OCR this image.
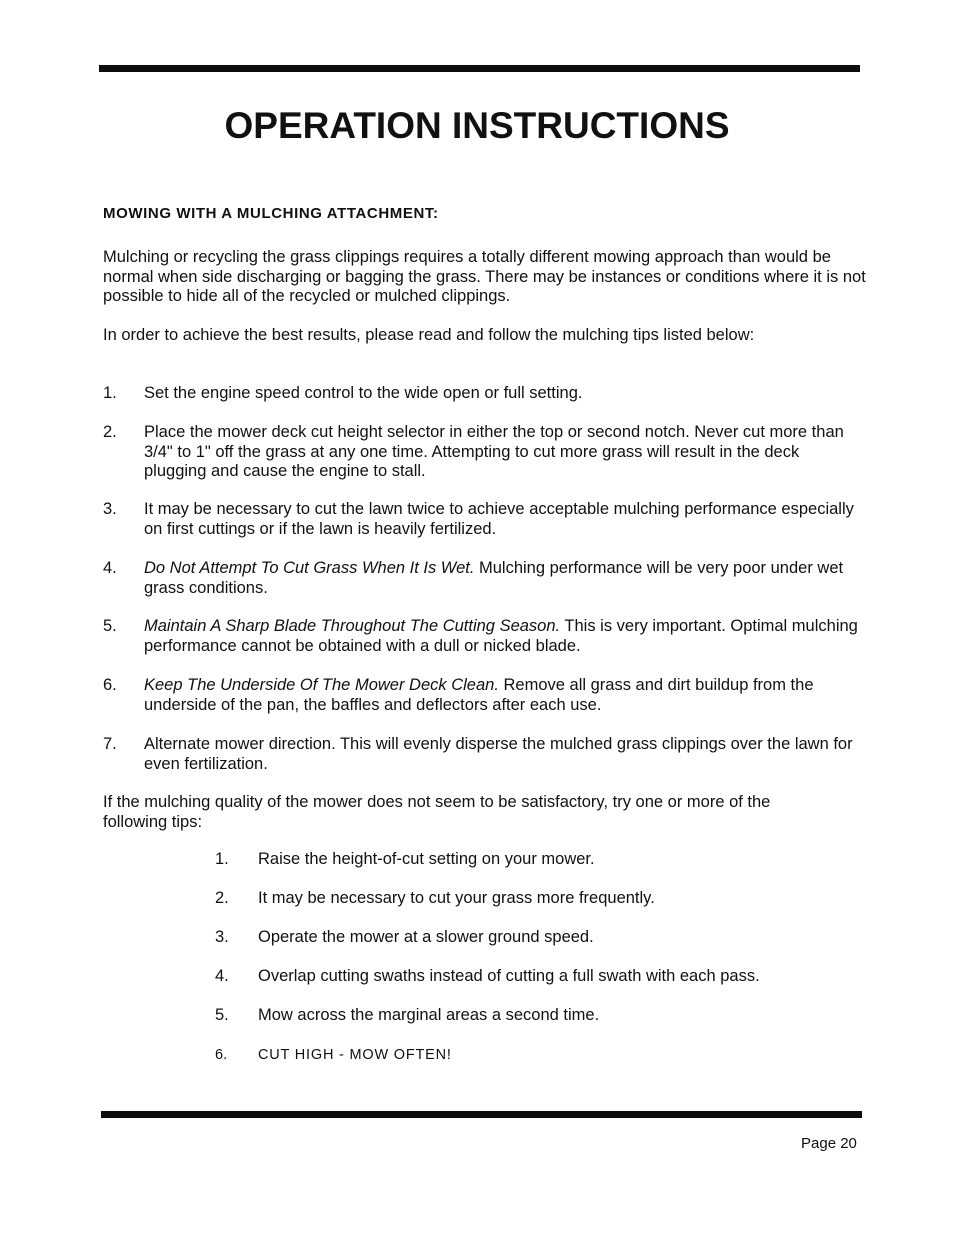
OPERATION INSTRUCTIONS
MOWING WITH A MULCHING ATTACHMENT:
Mulching or recycling the grass clippings requires a totally different mowing approach than would be normal when side discharging or bagging the grass. There may be instances or conditions where it is not possible to hide all of the recycled or mulched clippings.
In order to achieve the best results, please read and follow the mulching tips listed below:
1. Set the engine speed control to the wide open or full setting.
2. Place the mower deck cut height selector in either the top or second notch. Never cut more than 3/4" to 1" off the grass at any one time. Attempting to cut more grass will result in the deck plugging and cause the engine to stall.
3. It may be necessary to cut the lawn twice to achieve acceptable mulching performance especially on first cuttings or if the lawn is heavily fertilized.
4. Do Not Attempt To Cut Grass When It Is Wet. Mulching performance will be very poor under wet grass conditions.
5. Maintain A Sharp Blade Throughout The Cutting Season. This is very important. Optimal mulching performance cannot be obtained with a dull or nicked blade.
6. Keep The Underside Of The Mower Deck Clean. Remove all grass and dirt buildup from the underside of the pan, the baffles and deflectors after each use.
7. Alternate mower direction. This will evenly disperse the mulched grass clippings over the lawn for even fertilization.
If the mulching quality of the mower does not seem to be satisfactory, try one or more of the following tips:
1. Raise the height-of-cut setting on your mower.
2. It may be necessary to cut your grass more frequently.
3. Operate the mower at a slower ground speed.
4. Overlap cutting swaths instead of cutting a full swath with each pass.
5. Mow across the marginal areas a second time.
6. CUT HIGH - MOW OFTEN!
Page 20
